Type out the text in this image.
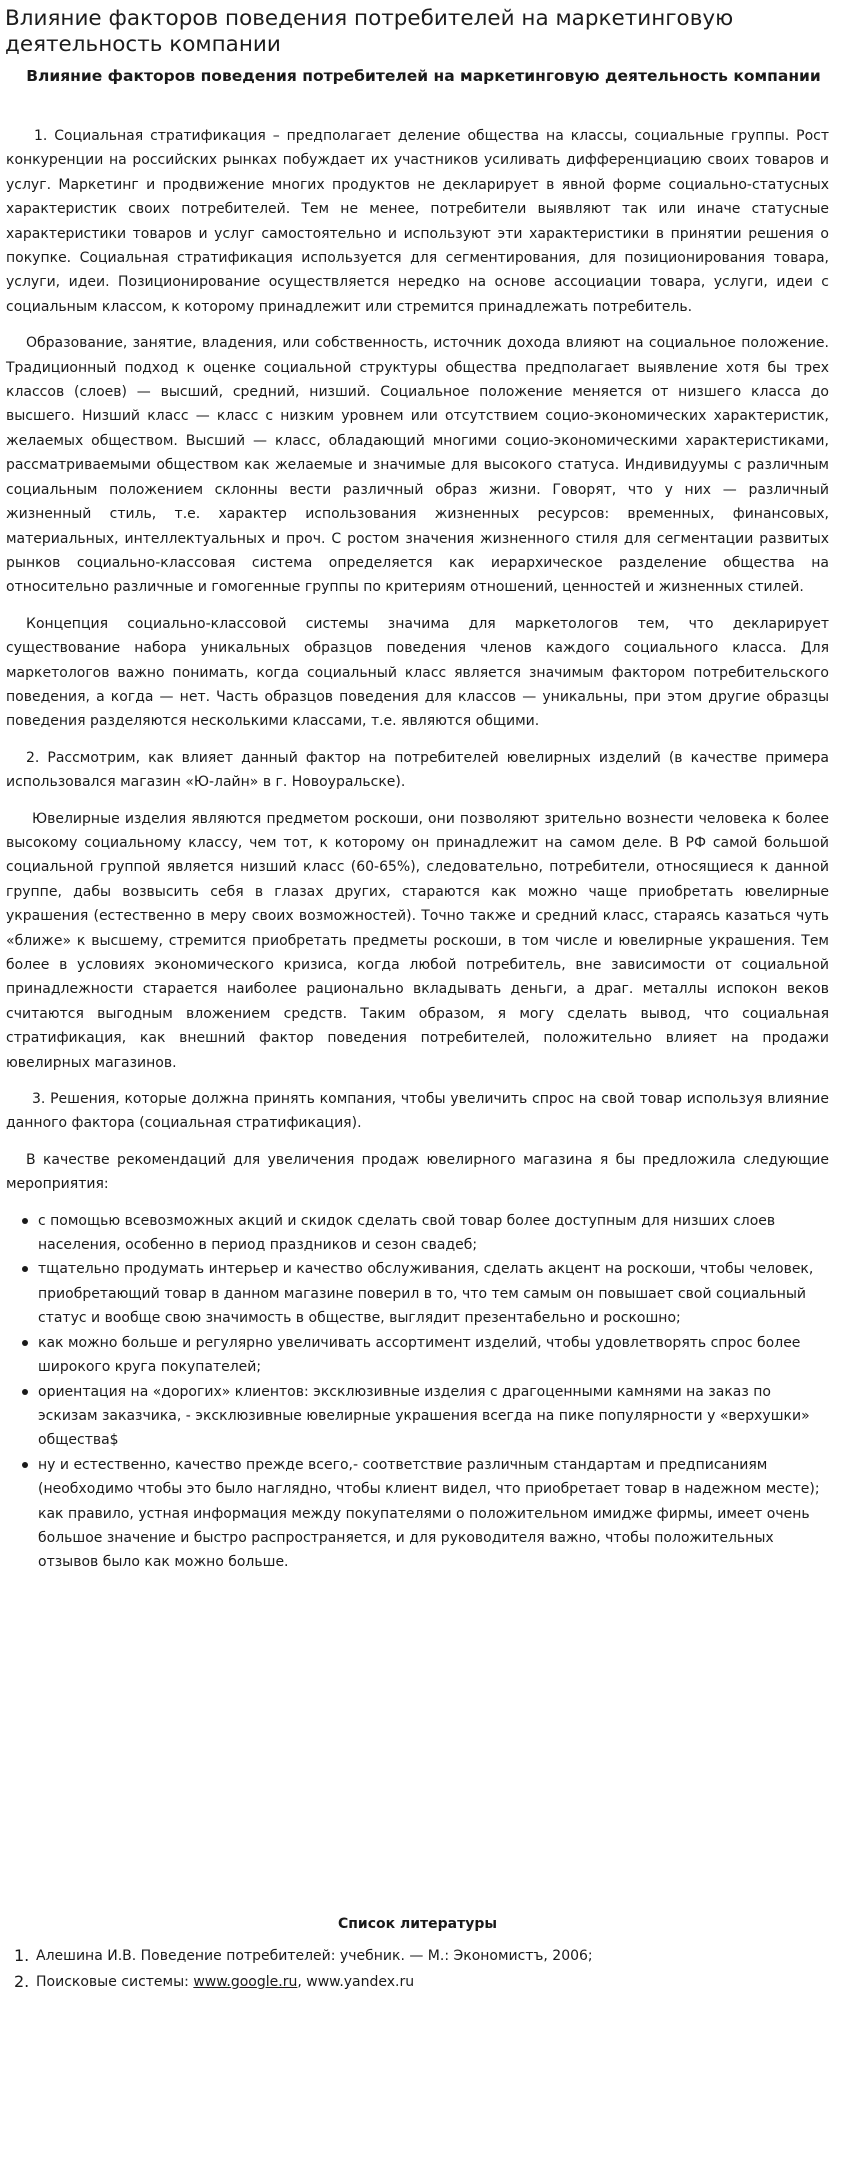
Влияние факторов поведения потребителей на маркетинговую деятельность компании
Влияние факторов поведения потребителей на маркетинговую деятельность компании

1. Социальная стратификация – предполагает деление общества на классы, социальные группы. Рост конкуренции на российских рынках побуждает их участников усиливать дифференциацию своих товаров и услуг. Маркетинг и продвижение многих продуктов не декларирует в явной форме социально-статусных характеристик своих потребителей. Тем не менее, потребители выявляют так или иначе статусные характеристики товаров и услуг самостоятельно и используют эти характеристики в принятии решения о покупке. Социальная стратификация используется для сегментирования, для позиционирования товара, услуги, идеи. Позиционирование осуществляется нередко на основе ассоциации товара, услуги, идеи с социальным классом, к которому принадлежит или стремится принадлежать потребитель.

Образование, занятие, владения, или собственность, источник дохода влияют на социальное положение. Традиционный подход к оценке социальной структуры общества предполагает выявление хотя бы трех классов (слоев) — высший, средний, низший. Социальное положение меняется от низшего класса до высшего. Низший класс — класс с низким уровнем или отсутствием социо-экономических характеристик, желаемых обществом. Высший — класс, обладающий многими социо-экономическими характеристиками, рассматриваемыми обществом как желаемые и значимые для высокого статуса. Индивидуумы с различным социальным положением склонны вести различный образ жизни. Говорят, что у них — различный жизненный стиль, т.е. характер использования жизненных ресурсов: временных, финансовых, материальных, интеллектуальных и проч. С ростом значения жизненного стиля для сегментации развитых рынков социально-классовая система определяется как иерархическое разделение общества на относительно различные и гомогенные группы по критериям отношений, ценностей и жизненных стилей.

Концепция социально-классовой системы значима для маркетологов тем, что декларирует существование набора уникальных образцов поведения членов каждого социального класса. Для маркетологов важно понимать, когда социальный класс является значимым фактором потребительского поведения, а когда — нет. Часть образцов поведения для классов — уникальны, при этом другие образцы поведения разделяются несколькими классами, т.е. являются общими.

2. Рассмотрим, как влияет данный фактор на потребителей ювелирных изделий (в качестве примера использовался магазин «Ю-лайн» в г. Новоуральске).

Ювелирные изделия являются предметом роскоши, они позволяют зрительно вознести человека к более высокому социальному классу, чем тот, к которому он принадлежит на самом деле. В РФ самой большой социальной группой является низший класс (60-65%), следовательно, потребители, относящиеся к данной группе, дабы возвысить себя в глазах других, стараются как можно чаще приобретать ювелирные украшения (естественно в меру своих возможностей). Точно также и средний класс, стараясь казаться чуть «ближе» к высшему, стремится приобретать предметы роскоши, в том числе и ювелирные украшения. Тем более в условиях экономического кризиса, когда любой потребитель, вне зависимости от социальной принадлежности старается наиболее рационально вкладывать деньги, а драг. металлы испокон веков считаются выгодным вложением средств. Таким образом, я могу сделать вывод, что социальная стратификация, как внешний фактор поведения потребителей, положительно влияет на продажи ювелирных магазинов.

3. Решения, которые должна принять компания, чтобы увеличить спрос на свой товар используя влияние данного фактора (социальная стратификация).

В качестве рекомендаций для увеличения продаж ювелирного магазина я бы предложила следующие мероприятия:

с помощью всевозможных акций и скидок сделать свой товар более доступным для низших слоев населения, особенно в период праздников и сезон свадеб;
тщательно продумать интерьер и качество обслуживания, сделать акцент на роскоши, чтобы человек, приобретающий товар в данном магазине поверил в то, что тем самым он повышает свой социальный статус и вообще свою значимость в обществе, выглядит презентабельно и роскошно;
как можно больше и регулярно увеличивать ассортимент изделий, чтобы удовлетворять спрос более широкого круга покупателей;
ориентация на «дорогих» клиентов: эксклюзивные изделия с драгоценными камнями на заказ по эскизам заказчика, - эксклюзивные ювелирные украшения всегда на пике популярности у «верхушки» общества$
ну и естественно, качество прежде всего,- соответствие различным стандартам и предписаниям (необходимо чтобы это было наглядно, чтобы клиент видел, что приобретает товар в надежном месте); как правило, устная информация между покупателями о положительном имидже фирмы, имеет очень большое значение и быстро распространяется, и для руководителя важно, чтобы положительных отзывов было как можно больше.
Список литературы
1. Алешина И.В. Поведение потребителей: учебник. — М.: Экономистъ, 2006;
2. Поисковые системы: www.google.ru, www.yandex.ru
